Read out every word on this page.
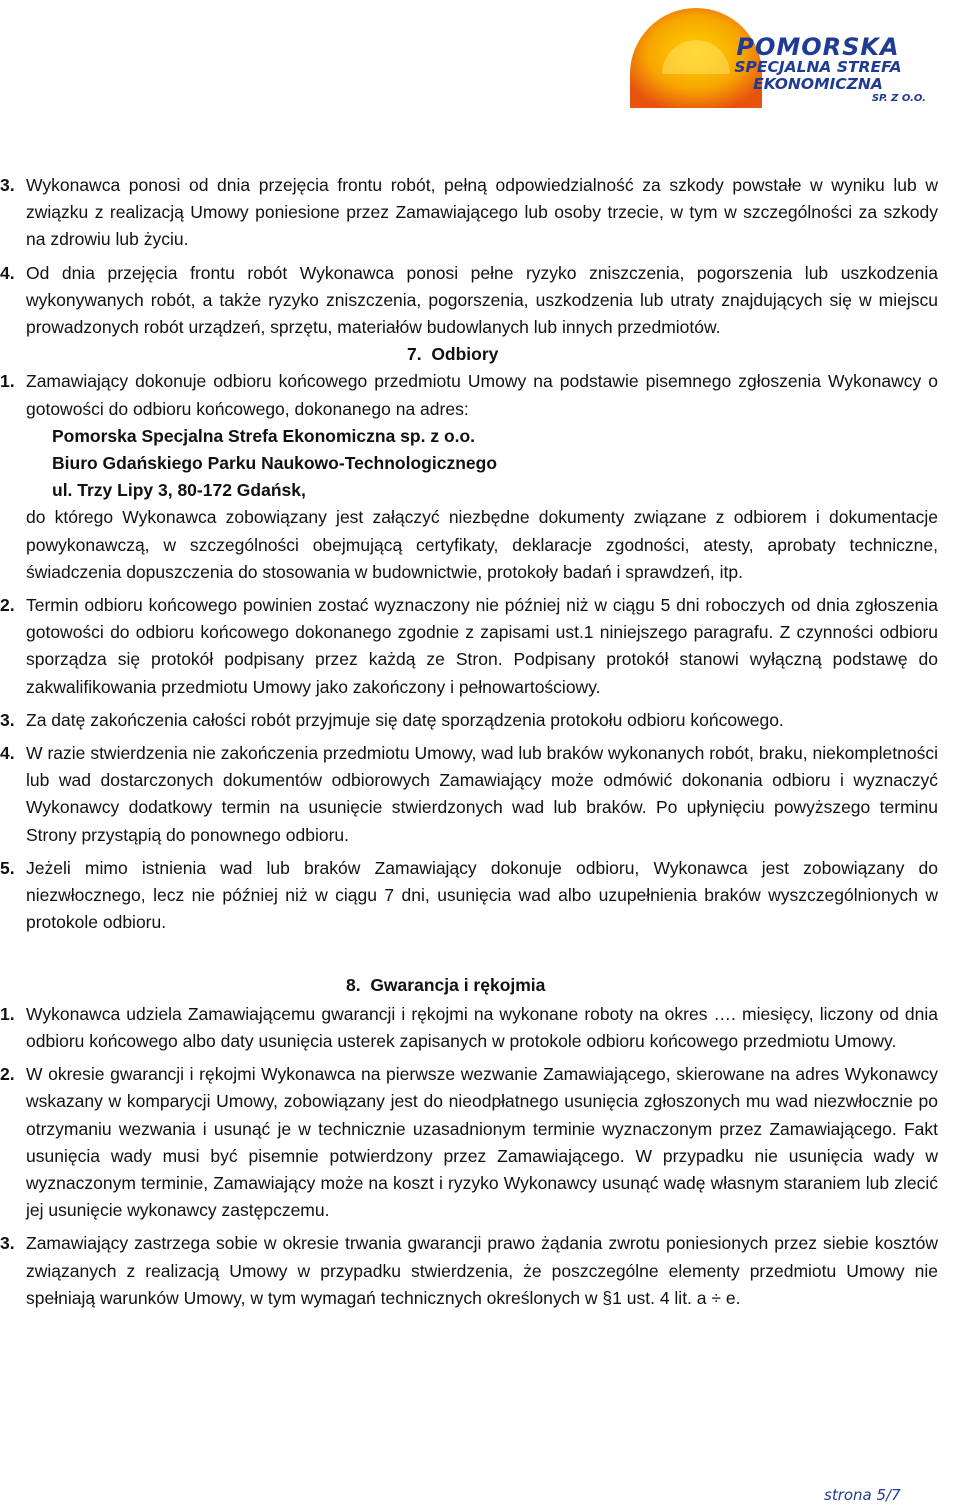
POMORSKA
SPECJALNA STREFA
EKONOMICZNA
SP. Z O.O.
3. Wykonawca ponosi od dnia przejęcia frontu robót, pełną odpowiedzialność za szkody powstałe w wyniku lub w związku z realizacją Umowy poniesione przez Zamawiającego lub osoby trzecie, w tym w szczególności za szkody na zdrowiu lub życiu.
4. Od dnia przejęcia frontu robót Wykonawca ponosi pełne ryzyko zniszczenia, pogorszenia lub uszkodzenia wykonywanych robót, a także ryzyko zniszczenia, pogorszenia, uszkodzenia lub utraty znajdujących się w miejscu prowadzonych robót urządzeń, sprzętu, materiałów budowlanych lub innych przedmiotów.
7.  Odbiory
1. Zamawiający dokonuje odbioru końcowego przedmiotu Umowy na podstawie pisemnego zgłoszenia Wykonawcy o gotowości do odbioru końcowego, dokonanego na adres:
Pomorska Specjalna Strefa Ekonomiczna sp. z o.o.
Biuro Gdańskiego Parku Naukowo-Technologicznego
ul. Trzy Lipy 3, 80-172 Gdańsk,
do którego Wykonawca zobowiązany jest załączyć niezbędne dokumenty związane z odbiorem i dokumentacje powykonawczą, w szczególności obejmującą certyfikaty, deklaracje zgodności, atesty, aprobaty techniczne, świadczenia dopuszczenia do stosowania w budownictwie, protokoły badań i sprawdzeń, itp.
2. Termin odbioru końcowego powinien zostać wyznaczony nie później niż w ciągu 5 dni roboczych od dnia zgłoszenia gotowości do odbioru końcowego dokonanego zgodnie z zapisami ust.1 niniejszego paragrafu. Z czynności odbioru sporządza się protokół podpisany przez każdą ze Stron. Podpisany protokół stanowi wyłączną podstawę do zakwalifikowania przedmiotu Umowy jako zakończony i pełnowartościowy.
3. Za datę zakończenia całości robót przyjmuje się datę sporządzenia protokołu odbioru końcowego.
4. W razie stwierdzenia nie zakończenia przedmiotu Umowy, wad lub braków wykonanych robót, braku, niekompletności lub wad dostarczonych dokumentów odbiorowych Zamawiający może odmówić dokonania odbioru i wyznaczyć Wykonawcy dodatkowy termin na usunięcie stwierdzonych wad lub braków. Po upłynięciu powyższego terminu Strony przystąpią do ponownego odbioru.
5. Jeżeli mimo istnienia wad lub braków Zamawiający dokonuje odbioru, Wykonawca jest zobowiązany do niezwłocznego, lecz nie później niż w ciągu 7 dni, usunięcia wad albo uzupełnienia braków wyszczególnionych w protokole odbioru.
8.  Gwarancja i rękojmia
1. Wykonawca udziela Zamawiającemu gwarancji i rękojmi na wykonane roboty na okres …. miesięcy, liczony od dnia odbioru końcowego albo daty usunięcia usterek zapisanych w protokole odbioru końcowego przedmiotu Umowy.
2. W okresie gwarancji i rękojmi Wykonawca na pierwsze wezwanie Zamawiającego, skierowane na adres Wykonawcy wskazany w komparycji Umowy, zobowiązany jest do nieodpłatnego usunięcia zgłoszonych mu wad niezwłocznie po otrzymaniu wezwania i usunąć je w technicznie uzasadnionym terminie wyznaczonym przez Zamawiającego. Fakt usunięcia wady musi być pisemnie potwierdzony przez Zamawiającego. W przypadku nie usunięcia wady w wyznaczonym terminie, Zamawiający może na koszt i ryzyko Wykonawcy usunąć wadę własnym staraniem lub zlecić jej usunięcie wykonawcy zastępczemu.
3. Zamawiający zastrzega sobie w okresie trwania gwarancji prawo żądania zwrotu poniesionych przez siebie kosztów związanych z realizacją Umowy w przypadku stwierdzenia, że poszczególne elementy przedmiotu Umowy nie spełniają warunków Umowy, w tym wymagań technicznych określonych w §1 ust. 4 lit. a ÷ e.
strona 5/7
